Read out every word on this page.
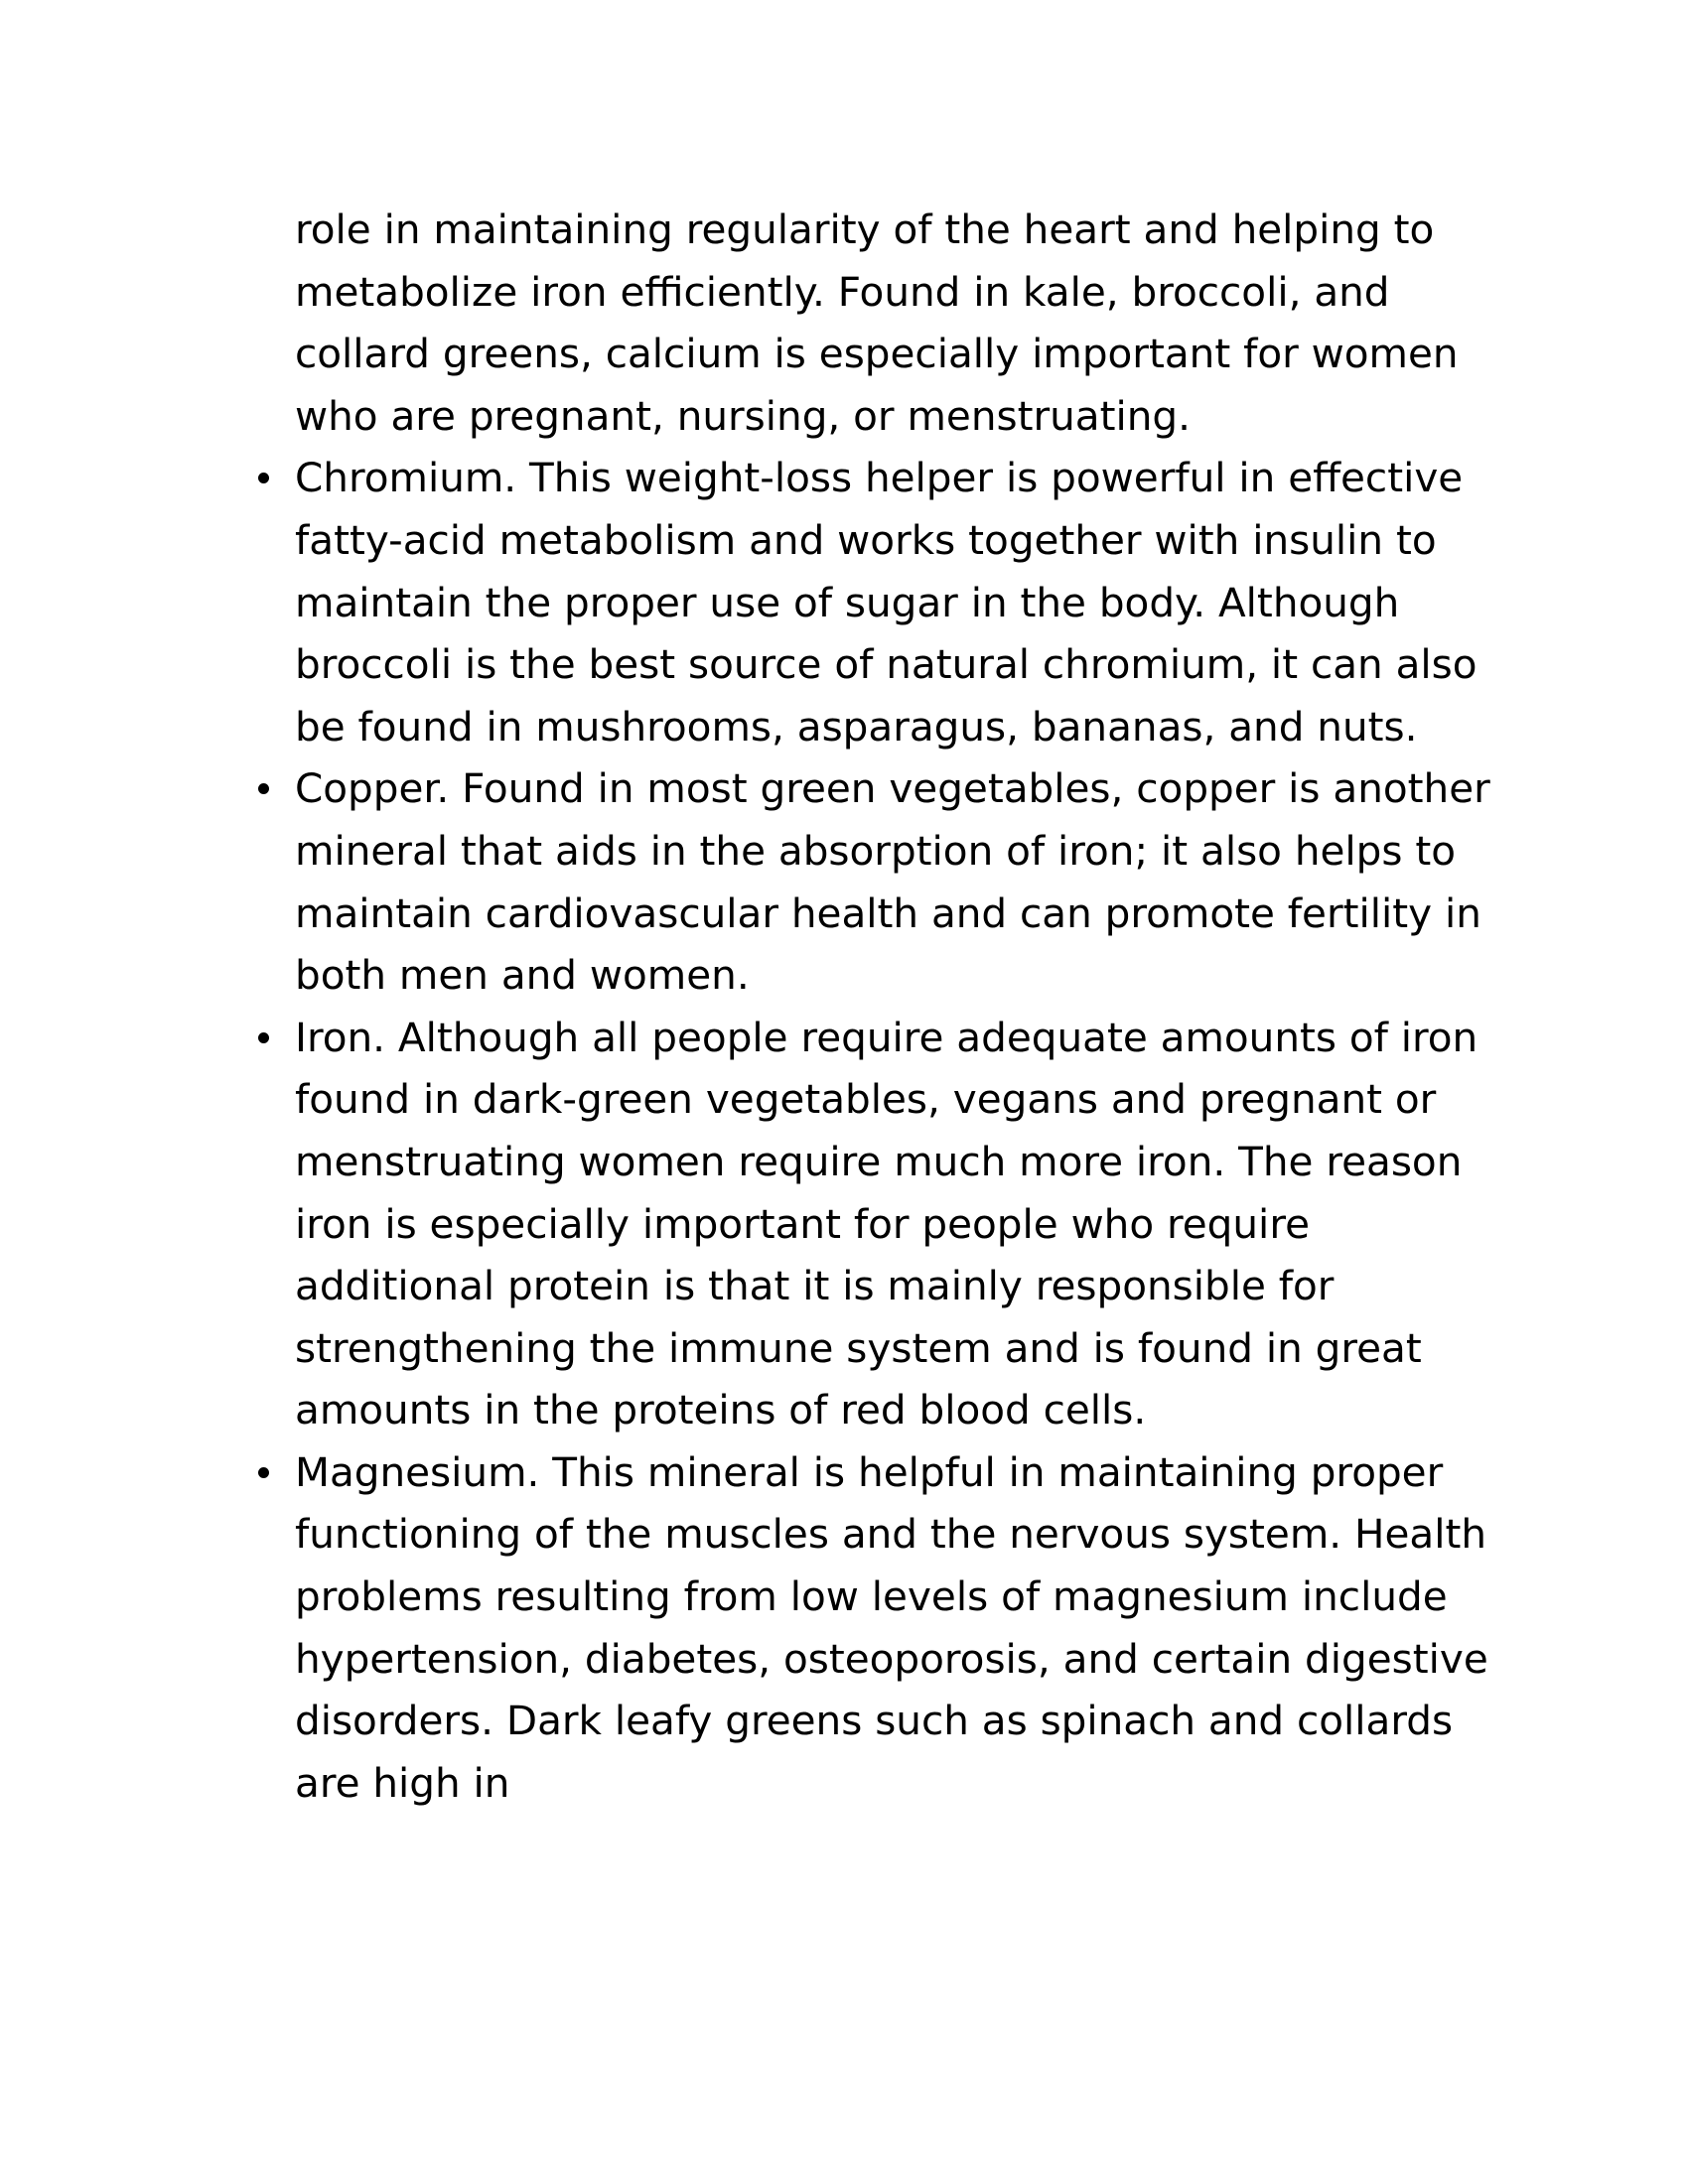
role in maintaining regularity of the heart and helping to metabolize iron efficiently. Found in kale, broccoli, and collard greens, calcium is especially important for women who are pregnant, nursing, or menstruating.

Chromium. This weight-loss helper is powerful in effective fatty-acid metabolism and works together with insulin to maintain the proper use of sugar in the body. Although broccoli is the best source of natural chromium, it can also be found in mushrooms, asparagus, bananas, and nuts.
Copper. Found in most green vegetables, copper is another mineral that aids in the absorption of iron; it also helps to maintain cardiovascular health and can promote fertility in both men and women.
Iron. Although all people require adequate amounts of iron found in dark-green vegetables, vegans and pregnant or menstruating women require much more iron. The reason iron is especially important for people who require additional protein is that it is mainly responsible for strengthening the immune system and is found in great amounts in the proteins of red blood cells.
Magnesium. This mineral is helpful in maintaining proper functioning of the muscles and the nervous system. Health problems resulting from low levels of magnesium include hypertension, diabetes, osteoporosis, and certain digestive disorders. Dark leafy greens such as spinach and collards are high in
